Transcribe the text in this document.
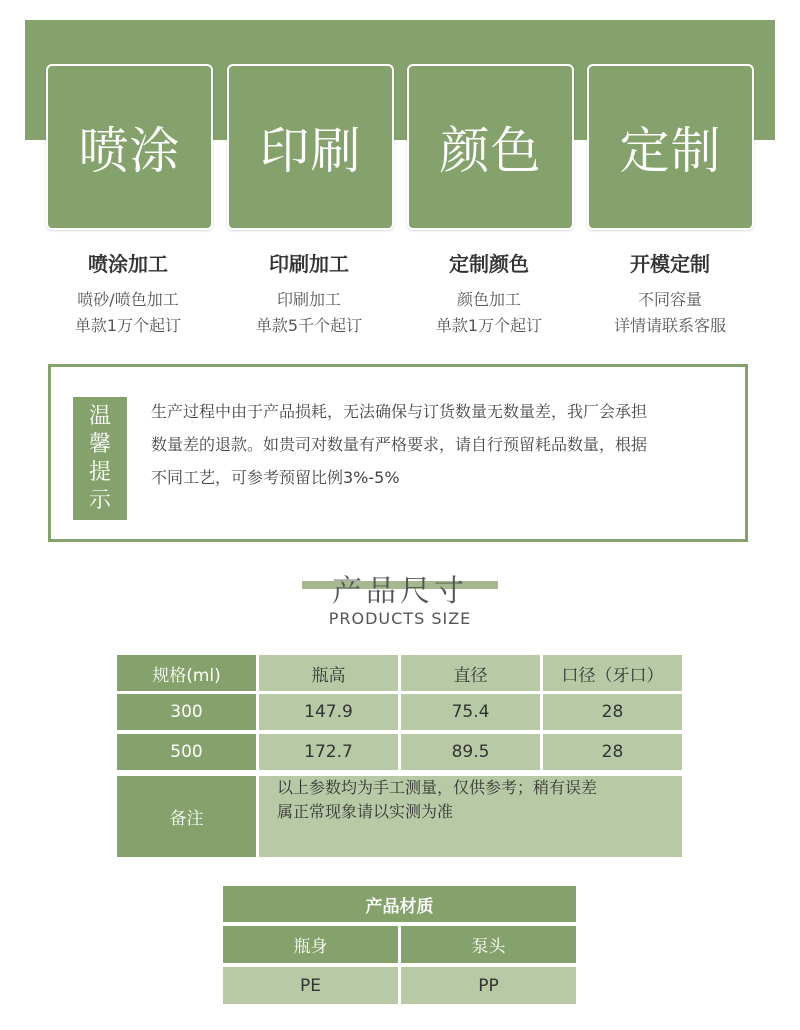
喷涂 印刷 颜色 定制
喷涂加工
喷砂/喷色加工
单款1万个起订
印刷加工
印刷加工
单款5千个起订
定制颜色
颜色加工
单款1万个起订
开模定制
不同容量
详情请联系客服
温
馨
提
示
生产过程中由于产品损耗，无法确保与订货数量无数量差，我厂会承担
数量差的退款。如贵司对数量有严格要求，请自行预留耗品数量，根据
不同工艺，可参考预留比例3%-5%
产品尺寸
PRODUCTS SIZE
规格(ml)	瓶高	直径	口径（牙口）
300	147.9	75.4	28
500	172.7	89.5	28
备注
以上参数均为手工测量，仅供参考；稍有误差
属正常现象请以实测为准
产品材质
瓶身	泵头
PE	PP
